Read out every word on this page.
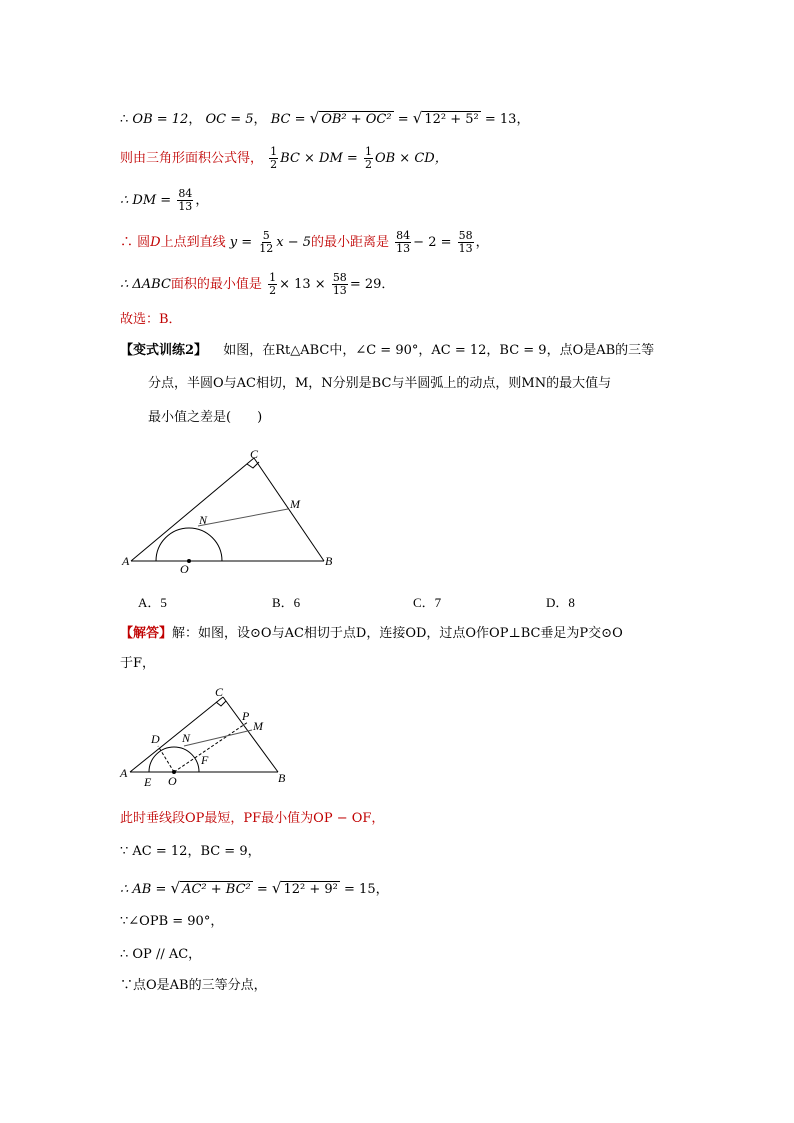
∴ OB = 12， OC = 5， BC = √ OB² + OC² = √ 12² + 5² = 13，
则由三角形面积公式得， $\frac{1}{2}$ BC × DM = $\frac{1}{2}$ OB × CD，
∴ DM = $\frac{84}{13}$ ，
∴ 圆D上点到直线 $y = \frac{5}{12}$ x − 5的最小距离是 $\frac{84}{13} - 2 = \frac{58}{13}$ ，
∴ ΔABC面积的最小值是 $\frac{1}{2} \times 13 \times \frac{58}{13} = 29$．
故选：B．
【变式训练2】 如图，在Rt△ABC中，∠C = 90°，AC = 12，BC = 9，点O是AB的三等
分点，半圆O与AC相切，M，N分别是BC与半圆弧上的动点，则MN的最大值与
最小值之差是(　　)
A	B
C
M
N
O
A．5	B．6	C．7	D．8
【解答】解：如图，设⊙O与AC相切于点D，连接OD，过点O作OP⊥BC垂足为P交⊙O
于F，
A	B
C
D
E
F
M
N
O
P
此时垂线段OP最短，PF最小值为OP − OF，
∵ AC = 12，BC = 9，
∴ AB = √ AC² + BC² = √ 12² + 9² = 15，
∵∠OPB = 90°，
∴ OP // AC，
∵点O是AB的三等分点，
